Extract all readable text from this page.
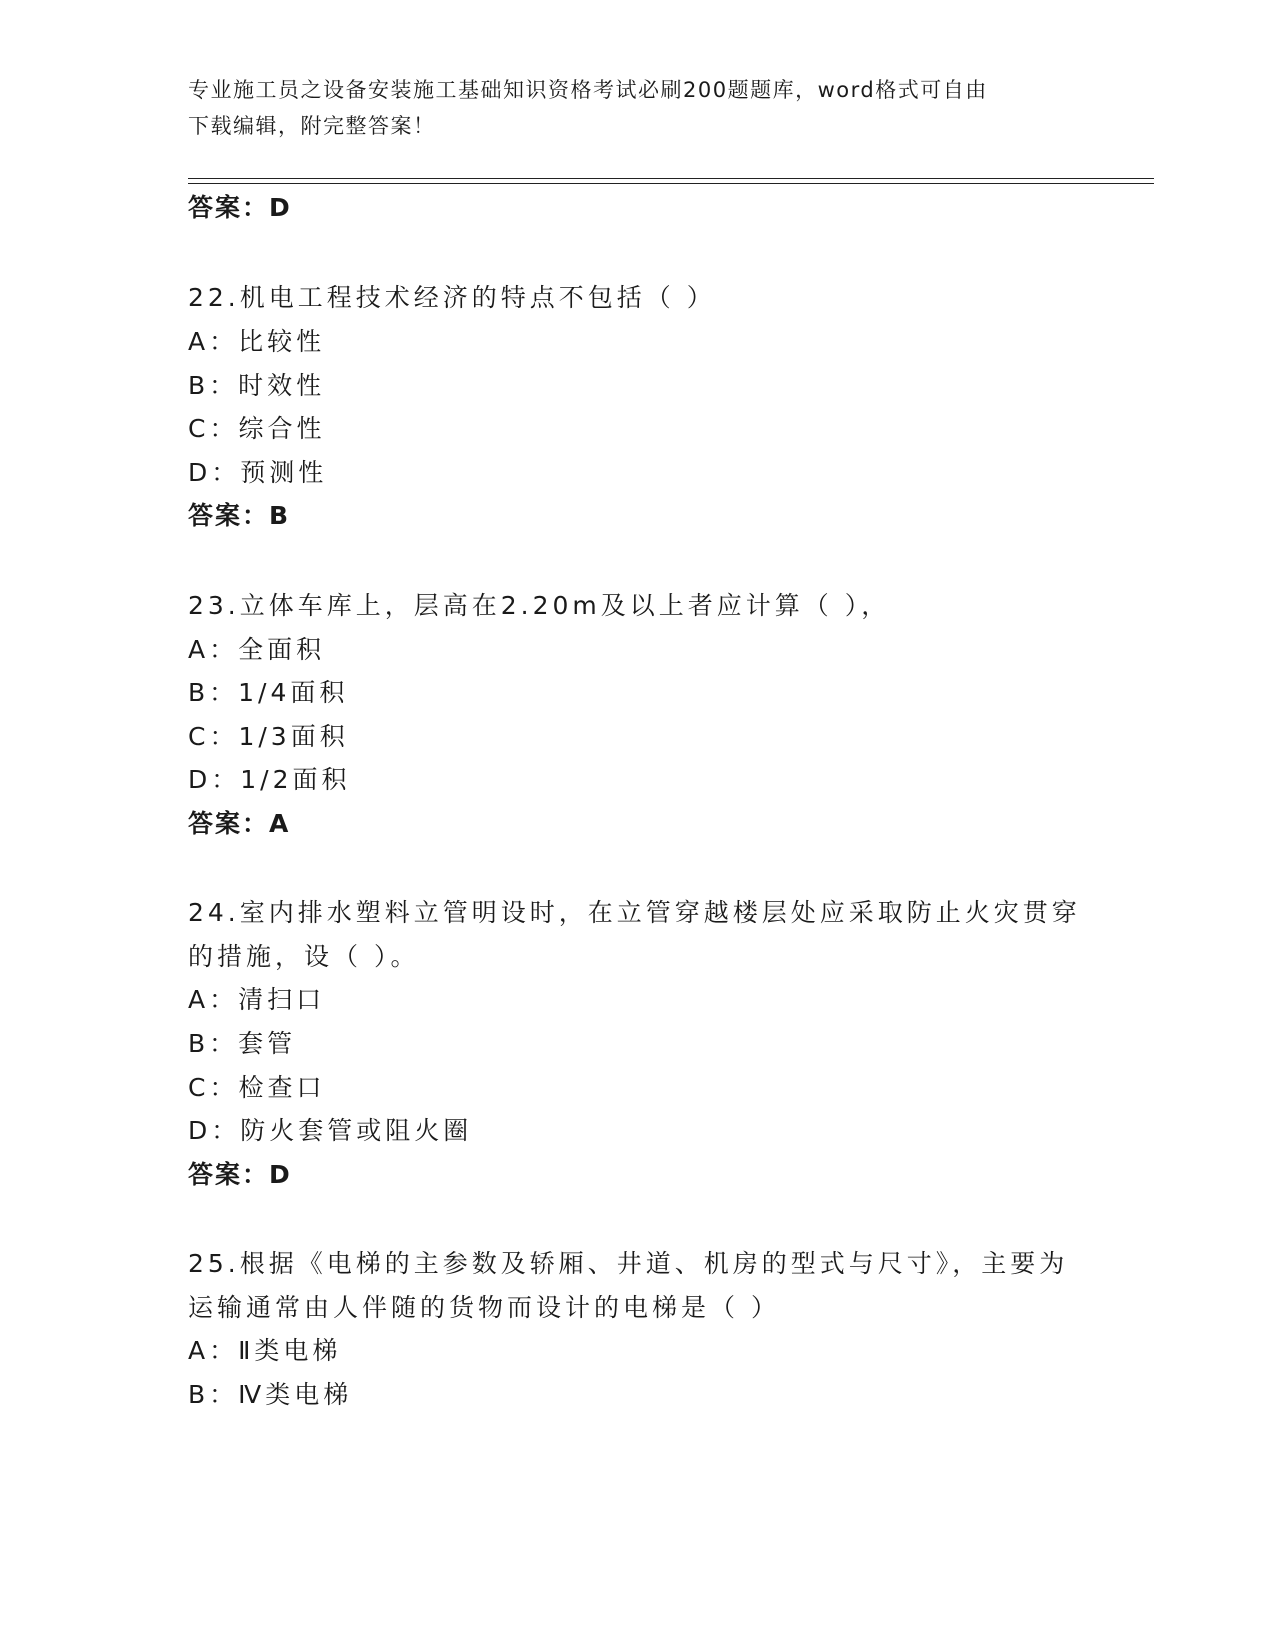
专业施工员之设备安装施工基础知识资格考试必刷200题题库，word格式可自由
下载编辑，附完整答案！
答案：D
22.机电工程技术经济的特点不包括（ ）
A：比较性
B：时效性
C：综合性
D：预测性
答案：B
23.立体车库上，层高在2.20m及以上者应计算（ ），
A：全面积
B：1/4面积
C：1/3面积
D：1/2面积
答案：A
24.室内排水塑料立管明设时，在立管穿越楼层处应采取防止火灾贯穿
的措施，设（ ）。
A：清扫口
B：套管
C：检查口
D：防火套管或阻火圈
答案：D
25.根据《电梯的主参数及轿厢、井道、机房的型式与尺寸》，主要为
运输通常由人伴随的货物而设计的电梯是（ ）
A：Ⅱ类电梯
B：Ⅳ类电梯
